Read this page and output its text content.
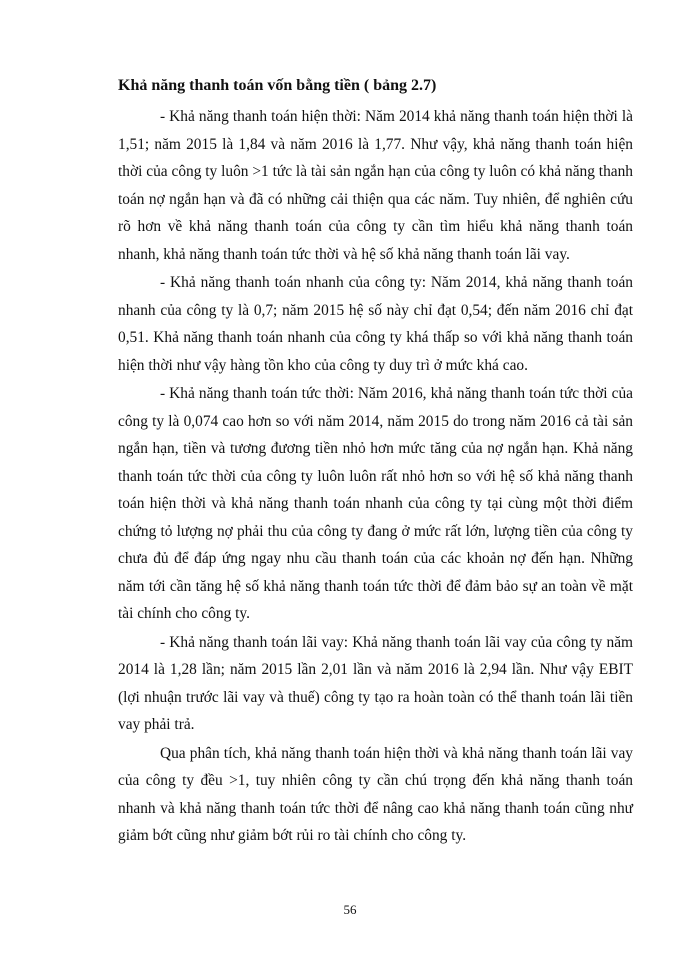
Khả năng thanh toán vốn bằng tiền ( bảng 2.7)

- Khả năng thanh toán hiện thời: Năm 2014 khả năng thanh toán hiện thời là 1,51; năm 2015 là 1,84 và năm 2016 là 1,77. Như vậy, khả năng thanh toán hiện thời của công ty luôn >1 tức là tài sản ngắn hạn của công ty luôn có khả năng thanh toán nợ ngắn hạn và đã có những cải thiện qua các năm. Tuy nhiên, để nghiên cứu rõ hơn về khả năng thanh toán của công ty cần tìm hiểu khả năng thanh toán nhanh, khả năng thanh toán tức thời và hệ số khả năng thanh toán lãi vay.

- Khả năng thanh toán nhanh của công ty: Năm 2014, khả năng thanh toán nhanh của công ty là 0,7; năm 2015 hệ số này chỉ đạt 0,54; đến năm 2016 chỉ đạt 0,51. Khả năng thanh toán nhanh của công ty khá thấp so với khả năng thanh toán hiện thời như vậy hàng tồn kho của công ty duy trì ở mức khá cao.

- Khả năng thanh toán tức thời: Năm 2016, khả năng thanh toán tức thời của công ty là 0,074 cao hơn so với năm 2014, năm 2015 do trong năm 2016 cả tài sản ngắn hạn, tiền và tương đương tiền nhỏ hơn mức tăng của nợ ngắn hạn. Khả năng thanh toán tức thời của công ty luôn luôn rất nhỏ hơn so với hệ số khả năng thanh toán hiện thời và khả năng thanh toán nhanh của công ty tại cùng một thời điểm chứng tỏ lượng nợ phải thu của công ty đang ở mức rất lớn, lượng tiền của công ty chưa đủ để đáp ứng ngay nhu cầu thanh toán của các khoản nợ đến hạn. Những năm tới cần tăng hệ số khả năng thanh toán tức thời để đảm bảo sự an toàn về mặt tài chính cho công ty.

- Khả năng thanh toán lãi vay: Khả năng thanh toán lãi vay của công ty năm 2014 là 1,28 lần; năm 2015 lần 2,01 lần và năm 2016 là 2,94 lần. Như vậy EBIT (lợi nhuận trước lãi vay và thuế) công ty tạo ra hoàn toàn có thể thanh toán lãi tiền vay phải trả.

Qua phân tích, khả năng thanh toán hiện thời và khả năng thanh toán lãi vay của công ty đều >1, tuy nhiên công ty cần chú trọng đến khả năng thanh toán nhanh và khả năng thanh toán tức thời để nâng cao khả năng thanh toán cũng như giảm bớt cũng như giảm bớt rủi ro tài chính cho công ty.

56
